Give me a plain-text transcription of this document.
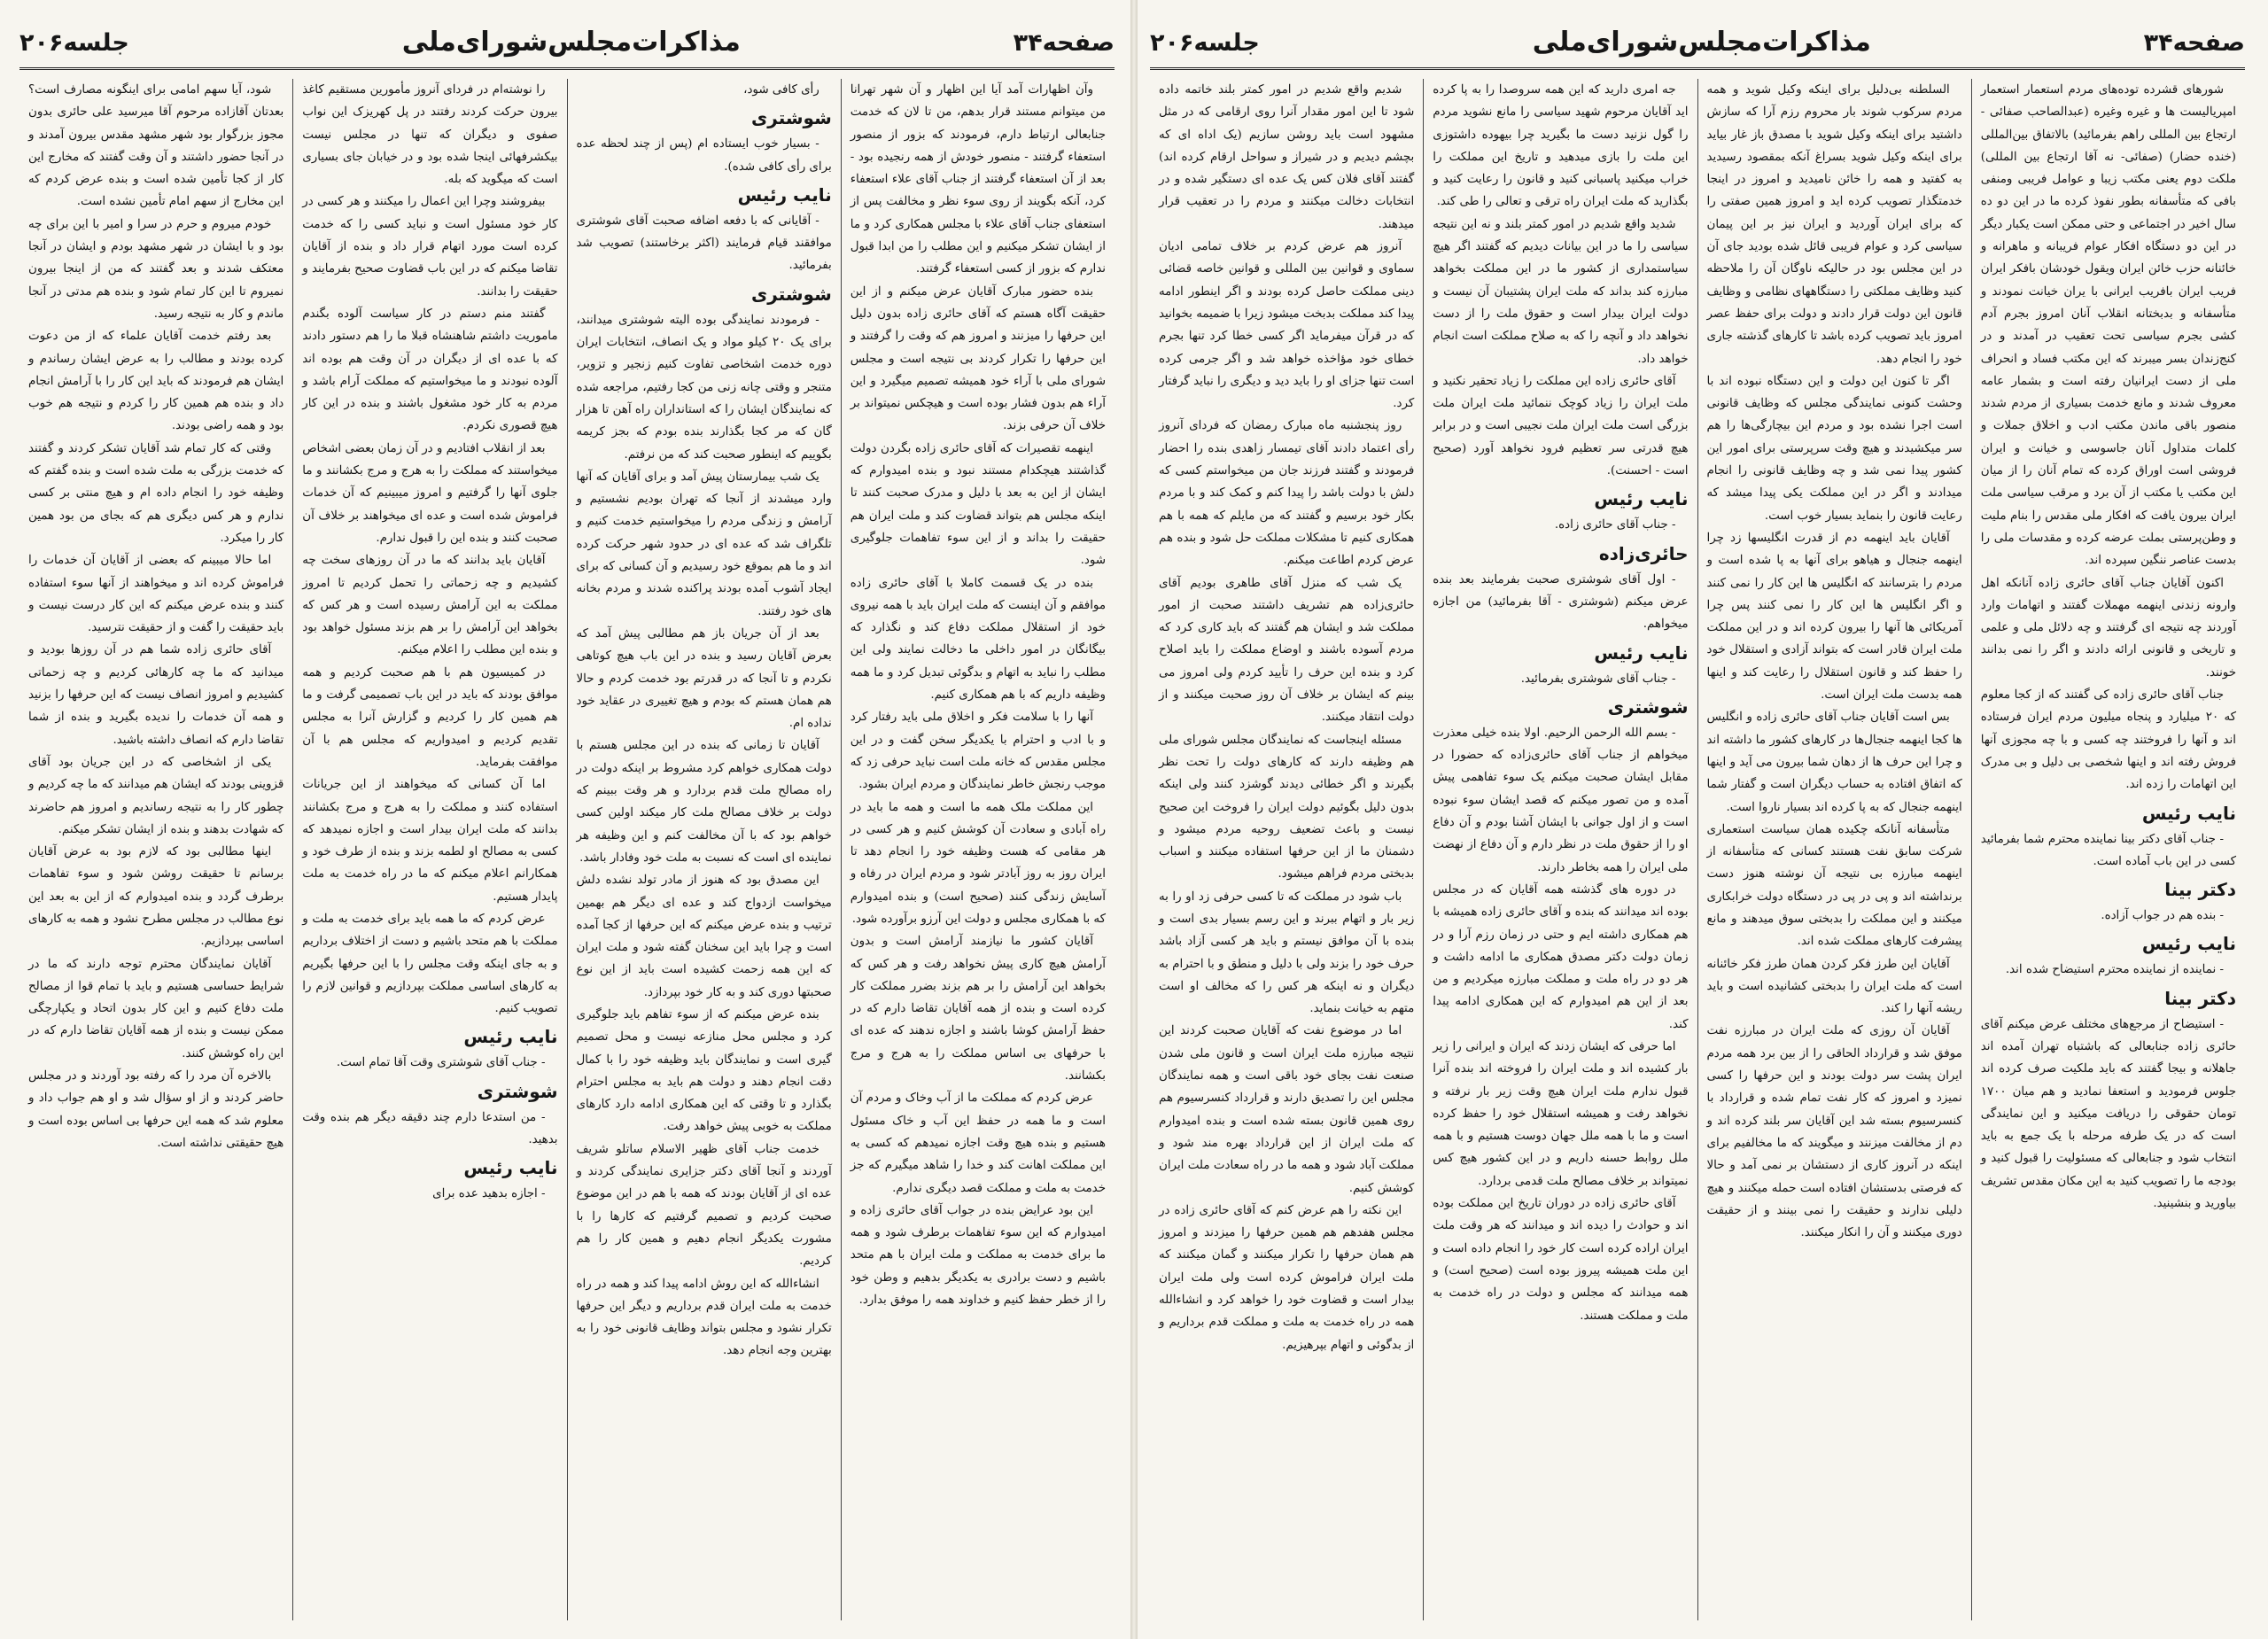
صفحه۳۴
مذاکرات‌مجلس‌شورای‌ملی
جلسه۲۰۶
وآن اظهارات آمد آیا این اظهار و آن شهر تهرانا من میتوانم مستند قرار بدهم، من تا لان که خدمت جنابعالی ارتباط دارم، فرمودند که بزور از منصور استعفاء گرفتند - منصور خودش از همه‌ رنجیده بود - بعد از آن استعفاء گرفتند از جناب آقای علاء استعفاء کرد، آنکه بگویند از روی سوء نظر و مخالفت پس از استعفای جناب آقای علاء با مجلس همکاری کرد و ما از ایشان تشکر میکنیم و این مطلب را من ابدا قبول ندارم که بزور از کسی استعفاء گرفتند.
بنده حضور مبارک آقایان عرض میکنم و از این حقیقت آگاه هستم که آقای حائری زاده بدون دلیل این حرفها را میزنند و امروز هم که وقت را گرفتند و این حرفها را تکرار کردند بی نتیجه است و مجلس شورای ملی با آراء خود همیشه تصمیم میگیرد و این آراء هم بدون فشار بوده است و هیچکس نمیتواند بر خلاف آن حرفی بزند.
اینهمه تقصیرات که آقای حائری زاده بگردن دولت گذاشتند هیچکدام مستند نبود و بنده امیدوارم که ایشان از این به بعد با دلیل و مدرک صحبت کنند تا اینکه مجلس هم بتواند قضاوت کند و ملت ایران هم حقیقت را بداند و از این سوء تفاهمات جلوگیری شود.
بنده در یک قسمت کاملا با آقای حائری زاده موافقم و آن اینست که ملت ایران باید با همه نیروی خود از استقلال مملکت دفاع کند و نگذارد که بیگانگان در امور داخلی ما دخالت نمایند ولی این مطلب را نباید به اتهام و بدگوئی تبدیل کرد و ما همه وظیفه داریم که با هم همکاری کنیم.
آنها را با سلامت فکر و اخلاق ملی باید رفتار کرد و با ادب و احترام با یکدیگر سخن گفت و در این مجلس مقدس که خانه ملت است نباید حرفی زد که موجب رنجش خاطر نمایندگان و مردم ایران بشود.
این مملکت ملک همه ما است و همه ما باید در راه آبادی و سعادت آن کوشش کنیم و هر کسی در هر مقامی که هست وظیفه خود را انجام دهد تا ایران روز به روز آبادتر شود و مردم ایران در رفاه و آسایش زندگی کنند (صحیح است) و بنده امیدوارم که با همکاری مجلس و دولت این آرزو برآورده شود.
آقایان کشور ما نیازمند آرامش است و بدون آرامش هیچ کاری پیش نخواهد رفت و هر کس که بخواهد این آرامش را بر هم بزند بضرر مملکت کار کرده است و بنده از همه آقایان تقاضا دارم که در حفظ آرامش کوشا باشند و اجازه ندهند که عده ای با حرفهای بی اساس مملکت را به هرج و مرج بکشانند.
عرض کردم که مملکت ما از آب وخاک و مردم آن است و ما همه در حفظ این آب و خاک مسئول هستیم و بنده هیچ وقت اجازه نمیدهم که کسی به این مملکت اهانت کند و خدا را شاهد میگیرم که جز خدمت به ملت و مملکت قصد دیگری ندارم.
این بود عرایض بنده در جواب آقای حائری زاده و امیدوارم که این سوء تفاهمات برطرف شود و همه ما برای خدمت به مملکت و ملت ایران با هم متحد باشیم و دست برادری به یکدیگر بدهیم و وطن خود را از خطر حفظ کنیم و خداوند همه را موفق بدارد.
رأی کافی شود،
شوشتری
- بسیار خوب ایستاده ام (پس از چند لحظه عده برای رأی کافی شده).
نایب رئیس
- آقایانی که با دفعه اضافه صحبت آقای شوشتری موافقند قیام فرمایند (اکثر برخاستند) تصویب شد بفرمائید.
شوشتری
- فرمودند نمایندگی بوده الیته شوشتری میدانند، برای یک ۲۰ کیلو مواد و یک انصاف، انتخابات ایران دوره خدمت اشخاصی تفاوت کنیم زنجیر و تزویر، متنجر و وقتی چانه زنی من کجا رفتیم، مراجعه شده که نمایندگان ایشان را که استانداران راه آهن تا هزار گان که مر کجا بگذارند بنده بودم که بجز کریمه بگوییم که اینطور صحبت کند که من نرفتم.
یک شب بیمارستان پیش آمد و برای آقایان که آنها وارد میشدند از آنجا که تهران بودیم نشستیم و آرامش و زندگی مردم را میخواستیم خدمت کنیم و تلگراف شد که عده ای در حدود شهر حرکت کرده اند و ما هم بموقع خود رسیدیم و آن کسانی که برای ایجاد آشوب آمده بودند پراکنده شدند و مردم بخانه های خود رفتند.
بعد از آن جریان باز هم مطالبی پیش آمد که بعرض آقایان رسید و بنده در این باب هیچ کوتاهی نکردم و تا آنجا که در قدرتم بود خدمت کردم و حالا هم همان هستم که بودم و هیچ تغییری در عقاید خود نداده ام.
آقایان تا زمانی که بنده در این مجلس هستم با دولت همکاری خواهم کرد مشروط بر اینکه دولت در راه مصالح ملت قدم بردارد و هر وقت ببینم که دولت بر خلاف مصالح ملت کار میکند اولین کسی خواهم بود که با آن مخالفت کنم و این وظیفه هر نماینده ای است که نسبت به ملت خود وفادار باشد.
این مصدق بود که هنوز از مادر تولد نشده دلش میخواست ازدواج کند و عده ای دیگر هم بهمین ترتیب و بنده عرض میکنم که این حرفها از کجا آمده است و چرا باید این سخنان گفته شود و ملت ایران که این همه زحمت کشیده است باید از این نوع صحبتها دوری کند و به کار خود بپردازد.
بنده عرض میکنم که از سوء تفاهم باید جلوگیری کرد و مجلس محل منازعه نیست و محل تصمیم گیری است و نمایندگان باید وظیفه خود را با کمال دقت انجام دهند و دولت هم باید به مجلس احترام بگذارد و تا وقتی که این همکاری ادامه دارد کارهای مملکت به خوبی پیش خواهد رفت.
خدمت جناب آقای ظهیر الاسلام ساتلو شریف آوردند و آنجا آقای دکتر جزایری نمایندگی کردند و عده ای از آقایان بودند که همه با هم در این موضوع صحبت کردیم و تصمیم گرفتیم که کارها را با مشورت یکدیگر انجام دهیم و همین کار را هم کردیم.
انشاءالله که این روش ادامه پیدا کند و همه در راه خدمت به ملت ایران قدم برداریم و دیگر این حرفها تکرار نشود و مجلس بتواند وظایف قانونی خود را به بهترین وجه انجام دهد.
را نوشته‌ام در فردای آنروز مأمورین مستقیم کاغذ بیرون حرکت کردند رفتند در پل کهریزک این نواب صفوی و دیگران که تنها در مجلس نیست بیکشرفهائی اینجا شده بود و در خیابان جای بسیاری است که میگوید که بله.
بیفروشند وچرا این اعمال را میکنند و هر کسی در کار خود مسئول است و نباید کسی را که خدمت کرده است مورد اتهام قرار داد و بنده از آقایان تقاضا میکنم که در این باب قضاوت صحیح بفرمایند و حقیقت را بدانند.
گفتند منم دستم در کار سیاست آلوده بگندم ماموریت داشتم شاهنشاه قبلا ما را هم دستور دادند که با عده ای از دیگران در آن وقت هم بوده اند آلوده نبودند و ما میخواستیم که مملکت آرام باشد و مردم به کار خود مشغول باشند و بنده در این کار هیچ قصوری نکردم.
بعد از انقلاب افتادیم و در آن زمان بعضی اشخاص میخواستند که مملکت را به هرج و مرج بکشانند و ما جلوی آنها را گرفتیم و امروز میبینیم که آن خدمات فراموش شده است و عده ای میخواهند بر خلاف آن صحبت کنند و بنده این را قبول ندارم.
آقایان باید بدانند که ما در آن روزهای سخت چه کشیدیم و چه زحماتی را تحمل کردیم تا امروز مملکت به این آرامش رسیده است و هر کس که بخواهد این آرامش را بر هم بزند مسئول خواهد بود و بنده این مطلب را اعلام میکنم.
در کمیسیون هم با هم صحبت کردیم و همه موافق بودند که باید در این باب تصمیمی گرفت و ما هم همین کار را کردیم و گزارش آنرا به مجلس تقدیم کردیم و امیدواریم که مجلس هم با آن موافقت بفرماید.
اما آن کسانی که میخواهند از این جریانات استفاده کنند و مملکت را به هرج و مرج بکشانند بدانند که ملت ایران بیدار است و اجازه نمیدهد که کسی به مصالح او لطمه بزند و بنده از طرف خود و همکارانم اعلام میکنم که ما در راه خدمت به ملت پایدار هستیم.
عرض کردم که ما همه باید برای خدمت به ملت و مملکت با هم متحد باشیم و دست از اختلاف برداریم و به جای اینکه وقت مجلس را با این حرفها بگیریم به کارهای اساسی مملکت بپردازیم و قوانین لازم را تصویب کنیم.
نایب رئیس
- جناب آقای شوشتری وقت آقا تمام است.
شوشتری
- من استدعا دارم چند دقیقه دیگر هم بنده وقت بدهید.
نایب رئیس
- اجازه بدهید عده برای
شود، آیا سهم امامی برای اینگونه مصارف است؟ بعدتان آقازاده مرحوم آقا میرسید علی حائری بدون مجوز بزرگوار بود شهر مشهد مقدس بیرون آمدند و در آنجا حضور داشتند و آن وقت گفتند که مخارج این کار از کجا تأمین شده است و بنده عرض کردم که این مخارج از سهم امام تأمین نشده است.
خودم میروم و حرم در سرا و امیر با این برای چه بود و با ایشان در شهر مشهد بودم و ایشان در آنجا معتکف شدند و بعد گفتند که من از اینجا بیرون نمیروم تا این کار تمام شود و بنده هم مدتی در آنجا ماندم و کار به نتیجه رسید.
بعد رفتم خدمت آقایان علماء که از من دعوت کرده بودند و مطالب را به عرض ایشان رساندم و ایشان هم فرمودند که باید این کار را با آرامش انجام داد و بنده هم همین کار را کردم و نتیجه هم خوب بود و همه راضی بودند.
وقتی که کار تمام شد آقایان تشکر کردند و گفتند که خدمت بزرگی به ملت شده است و بنده گفتم که وظیفه خود را انجام داده ام و هیچ منتی بر کسی ندارم و هر کس دیگری هم که بجای من بود همین کار را میکرد.
اما حالا میبینم که بعضی از آقایان آن خدمات را فراموش کرده اند و میخواهند از آنها سوء استفاده کنند و بنده عرض میکنم که این کار درست نیست و باید حقیقت را گفت و از حقیقت نترسید.
آقای حائری زاده شما هم در آن روزها بودید و میدانید که ما چه کارهائی کردیم و چه زحماتی کشیدیم و امروز انصاف نیست که این حرفها را بزنید و همه آن خدمات را ندیده بگیرید و بنده از شما تقاضا دارم که انصاف داشته باشید.
یکی از اشخاصی که در این جریان بود آقای قزوینی بودند که ایشان هم میدانند که ما چه کردیم و چطور کار را به نتیجه رساندیم و امروز هم حاضرند که شهادت بدهند و بنده از ایشان تشکر میکنم.
اینها مطالبی بود که لازم بود به عرض آقایان برسانم تا حقیقت روشن شود و سوء تفاهمات برطرف گردد و بنده امیدوارم که از این به بعد این نوع مطالب در مجلس مطرح نشود و همه به کارهای اساسی بپردازیم.
آقایان نمایندگان محترم توجه دارند که ما در شرایط حساسی هستیم و باید با تمام قوا از مصالح ملت دفاع کنیم و این کار بدون اتحاد و یکپارچگی ممکن نیست و بنده از همه آقایان تقاضا دارم که در این راه کوشش کنند.
بالاخره آن مرد را که رفته بود آوردند و در مجلس حاضر کردند و از او سؤال شد و او هم جواب داد و معلوم شد که همه این حرفها بی اساس بوده است و هیچ حقیقتی نداشته است.
صفحه۳۴
مذاکرات‌مجلس‌شورای‌ملی
جلسه۲۰۶
شورهای قشرده توده‌های مردم استعمار استعمار امپریالیست ها و غیره وغیره (عبدالصاحب صفائی - ارتجاع بین المللی راهم بفرمائید) بالاتفاق بین‌المللی (خنده حضار) (صفائی- نه آقا ارتجاع بین المللی) ملکت دوم یعنی مکتب زیبا و عوامل فریبی ومنفی بافی که متأسفانه بطور نفوذ کرده ما در این دو ده سال اخیر در اجتماعی و حتی ممکن است یکبار دیگر در این دو دستگاه افکار عوام فریبانه و ماهرانه و خائنانه حزب خائن ایران ویقول خودشان بافکر ایران فریب ایران بافریب ایرانی با یران خیانت نمودند و متأسفانه و بدبختانه انقلاب آنان امروز بجرم آدم کشی بجرم سیاسی تحت تعقیب در آمدند و در کنج‌زندان بسر میبرند که این مکتب فساد و انحراف ملی از دست ایرانیان رفته است و بشمار عامه معروف شدند و مانع خدمت بسیاری از مردم شدند منصور باقی ماندن مکتب ادب و اخلاق جملات و کلمات متداول آنان جاسوسی و خیانت و ایران فروشی است اوراق کرده که تمام آنان را از میان این مکتب یا مکتب از آن برد و مرقب سیاسی ملت ایران بیرون یافت که افکار ملی مقدس را بنام ملیت و وطن‌پرستی بملت عرضه کرده و مقدسات ملی را بدست عناصر ننگین سپرده اند.
اکنون آقایان جناب آقای حائری زاده آنانکه اهل وارونه زندنی اینهمه مهملات گفتند و اتهامات وارد آوردند چه نتیجه ای گرفتند و چه دلائل ملی و علمی و تاریخی و قانونی ارائه دادند و اگر را نمی بدانند خونند.
جناب آقای حائری زاده کی گفتند که از کجا معلوم که ۲۰ میلیارد و پنجاه میلیون مردم ایران فرستاده اند و آنها را فروختند چه کسی و با چه مجوزی آنها فروش رفته اند و اینها شخصی بی دلیل و بی مدرک این اتهامات را زده اند.
نایب رئیس
- جناب آقای دکتر بینا نماینده محترم شما بفرمائید کسی در این باب آماده است.
دکتر بینا
- بنده هم در جواب آزاده.
نایب رئیس
- نماینده از نماینده محترم استیضاح شده اند.
دکتر بینا
- استیضاح از مرجع‌های مختلف عرض میکنم آقای حائری زاده جنابعالی که باشتباه تهران آمده اند جاهلانه و بیجا گفتند که باید ملکیت صرف کرده اند جلوس فرمودید و استعفا نمادید و هم میان ۱۷۰۰ تومان حقوقی را دریافت میکنید و این نمایندگی است که در یک طرفه مرحله با یک جمع به باید انتخاب شود و جنابعالی که مسئولیت را قبول کنید و بودجه ما را تصویب کنید به این مکان مقدس تشریف بیاورید و بنشینید.
السلطنه بی‌دلیل برای اینکه وکیل شوید و همه مردم سرکوب شوند بار محروم رزم آرا که سازش داشتید برای اینکه وکیل شوید با مصدق باز غار بیاید برای اینکه وکیل شوید بسراغ آنکه بمقصود رسیدید به کفتید و همه را خائن نامیدید و امروز در اینجا خدمتگذار تصویب کرده اید و امروز همین صفتی را که برای ایران آوردید و ایران نیز بر این پیمان سیاسی کرد و عوام فریبی قائل شده بودید جای آن در این مجلس بود در حالیکه ناوگان آن را ملاحظه کنید وظایف مملکتی را دستگاههای نظامی و وظایف قانون این دولت قرار دادند و دولت برای حفظ عصر امروز باید تصویب کرده باشد تا کارهای گذشته جاری خود را انجام دهد.
اگر تا کنون این دولت و این دستگاه نبوده اند با وحشت کنونی نمایندگی مجلس که وظایف قانونی است اجرا نشده بود و مردم این بیچارگی‌ها را هم سر میکشیدند و هیچ وقت سرپرستی برای امور این کشور پیدا نمی شد و چه وظایف قانونی را انجام میدادند و اگر در این مملکت یکی پیدا میشد که رعایت قانون را بنماید بسیار خوب است.
آقایان باید اینهمه دم از قدرت انگلیسها زد چرا اینهمه جنجال و هیاهو برای آنها به پا شده است و مردم را بترسانند که انگلیس ها این کار را نمی کنند و اگر انگلیس ها این کار را نمی کنند پس چرا آمریکائی ها آنها را بیرون کرده اند و در این مملکت ملت ایران قادر است که بتواند آزادی و استقلال خود را حفظ کند و قانون استقلال را رعایت کند و اینها همه بدست ملت ایران است.
بس است آقایان جناب آقای حائری زاده و انگلیس ها کجا اینهمه جنجال‌ها در کارهای کشور ما داشته اند و چرا این حرف ها از دهان شما بیرون می آید و اینها که اتفاق افتاده به حساب دیگران است و گفتار شما اینهمه جنجال که به پا کرده اند بسیار ناروا است.
متأسفانه آنانکه چکیده همان سیاست استعماری شرکت سابق نفت هستند کسانی که متأسفانه از اینهمه مبارزه بی نتیجه آن نوشته هنوز دست برنداشته اند و پی در پی در دستگاه دولت خرابکاری میکنند و این مملکت را بدبختی سوق میدهند و مانع پیشرفت کارهای مملکت شده اند.
آقایان این طرز فکر کردن همان طرز فکر خائنانه است که ملت ایران را بدبختی کشانیده است و باید ریشه آنها را کند.
آقایان آن روزی که ملت ایران در مبارزه نفت موفق شد و قرارداد الحاقی را از بین برد همه مردم ایران پشت سر دولت بودند و این حرفها را کسی نمیزد و امروز که کار نفت تمام شده و قرارداد با کنسرسیوم بسته شد این آقایان سر بلند کرده اند و دم از مخالفت میزنند و میگویند که ما مخالفیم برای اینکه در آنروز کاری از دستشان بر نمی آمد و حالا که فرصتی بدستشان افتاده است حمله میکنند و هیچ دلیلی ندارند و حقیقت را نمی بینند و از حقیقت دوری میکنند و آن را انکار میکنند.
جه امری دارید که این همه سروصدا را به پا کرده اید آقایان مرحوم شهید سیاسی را مانع نشوید مردم را گول نزنید دست ما بگیرید چرا بیهوده داشتوزی این ملت را بازی میدهید و تاریخ این مملکت را خراب میکنید پاسبانی کنید و قانون را رعایت کنید و بگذارید که ملت ایران راه ترقی و تعالی را طی کند.
شدید واقع شدیم در امور کمتر بلند و نه این نتیجه سیاسی را ما در این بیانات دیدیم که گفتند اگر هیچ سیاستمداری از کشور ما در این مملکت بخواهد مبارزه کند بداند که ملت ایران پشتیبان آن نیست و دولت ایران بیدار است و حقوق ملت را از دست نخواهد داد و آنچه را که به صلاح مملکت است انجام خواهد داد.
آقای حائری زاده این مملکت را زیاد تحقیر نکنید و ملت ایران را زیاد کوچک ننمائید ملت ایران ملت بزرگی است ملت ایران ملت نجیبی است و در برابر هیچ قدرتی سر تعظیم فرود نخواهد آورد (صحیح است - احسنت).
نایب رئیس
- جناب آقای حائری زاده.
حائری‌زاده
- اول آقای شوشتری صحبت بفرمایند بعد بنده عرض میکنم (شوشتری - آقا بفرمائید) من اجازه میخواهم.
نایب رئیس
- جناب آقای شوشتری بفرمائید.
شوشتری
- بسم الله الرحمن الرحیم. اولا بنده خیلی معذرت میخواهم از جناب آقای حائری‌زاده که حضورا در مقابل ایشان صحبت میکنم یک سوء تفاهمی پیش آمده و من تصور میکنم که قصد ایشان سوء نبوده است و از اول جوانی با ایشان آشنا بودم و آن دفاع او را از حقوق ملت در نظر دارم و آن دفاع از نهضت ملی ایران را همه بخاطر دارند.
در دوره های گذشته همه آقایان که در مجلس بوده اند میدانند که بنده و آقای حائری زاده همیشه با هم همکاری داشته ایم و حتی در زمان رزم آرا و در زمان دولت دکتر مصدق همکاری ما ادامه داشت و هر دو در راه ملت و مملکت مبارزه میکردیم و من بعد از این هم امیدوارم که این همکاری ادامه پیدا کند.
اما حرفی که ایشان زدند که ایران و ایرانی را زیر بار کشیده اند و ملت ایران را فروخته اند بنده آنرا قبول ندارم ملت ایران هیچ وقت زیر بار نرفته و نخواهد رفت و همیشه استقلال خود را حفظ کرده است و ما با همه ملل جهان دوست هستیم و با همه ملل روابط حسنه داریم و در این کشور هیچ کس نمیتواند بر خلاف مصالح ملت قدمی بردارد.
آقای حائری زاده در دوران تاریخ این مملکت بوده اند و حوادث را دیده اند و میدانند که هر وقت ملت ایران اراده کرده است کار خود را انجام داده است و این ملت همیشه پیروز بوده است (صحیح است) و همه میدانند که مجلس و دولت در راه خدمت به ملت و مملکت هستند.
شدیم واقع شدیم در امور کمتر بلند خاتمه داده شود تا این امور مقدار آنرا روی ارقامی که در مثل مشهود است باید روشن سازیم (یک اداه ای که بچشم دیدیم و در شیراز و سواحل ارقام کرده اند) گفتند آقای فلان کس یک عده ای دستگیر شده و در انتخابات دخالت میکنند و مردم را در تعقیب قرار میدهند.
آنروز هم عرض کردم بر خلاف تمامی ادیان سماوی و قوانین بین المللی و قوانین خاصه قضائی دینی مملکت حاصل کرده بودند و اگر اینطور ادامه پیدا کند مملکت بدبخت میشود زیرا با ضمیمه بخوانید که در قرآن میفرماید اگر کسی خطا کرد تنها بجرم خطای خود مؤاخذه خواهد شد و اگر جرمی کرده است تنها جزای او را باید دید و دیگری را نباید گرفتار کرد.
روز پنجشنبه ماه مبارک رمضان که فردای آنروز رأی اعتماد دادند آقای تیمسار زاهدی بنده را احضار فرمودند و گفتند فرزند جان من میخواستم کسی که دلش با دولت باشد را پیدا کنم و کمک کند و با مردم بکار خود برسیم و گفتند که من مایلم که همه با هم همکاری کنیم تا مشکلات مملکت حل شود و بنده هم عرض کردم اطاعت میکنم.
یک شب که منزل آقای طاهری بودیم آقای حائری‌زاده هم تشریف داشتند صحبت از امور مملکت شد و ایشان هم گفتند که باید کاری کرد که مردم آسوده باشند و اوضاع مملکت را باید اصلاح کرد و بنده این حرف را تأیید کردم ولی امروز می بینم که ایشان بر خلاف آن روز صحبت میکنند و از دولت انتقاد میکنند.
مسئله اینجاست که نمایندگان مجلس شورای ملی هم وظیفه دارند که کارهای دولت را تحت نظر بگیرند و اگر خطائی دیدند گوشزد کنند ولی اینکه بدون دلیل بگوئیم دولت ایران را فروخت این صحیح نیست و باعث تضعیف روحیه مردم میشود و دشمنان ما از این حرفها استفاده میکنند و اسباب بدبختی مردم فراهم میشود.
باب شود در مملکت که تا کسی حرفی زد او را به زیر بار و اتهام ببرند و این رسم بسیار بدی است و بنده با آن موافق نیستم و باید هر کسی آزاد باشد حرف خود را بزند ولی با دلیل و منطق و با احترام به دیگران و نه اینکه هر کس را که مخالف او است متهم به خیانت بنماید.
اما در موضوع نفت که آقایان صحبت کردند این نتیجه مبارزه ملت ایران است و قانون ملی شدن صنعت نفت بجای خود باقی است و همه نمایندگان مجلس این را تصدیق دارند و قرارداد کنسرسیوم هم روی همین قانون بسته شده است و بنده امیدوارم که ملت ایران از این قرارداد بهره مند شود و مملکت آباد شود و همه ما در راه سعادت ملت ایران کوشش کنیم.
این نکته را هم عرض کنم که آقای حائری زاده در مجلس هفدهم هم همین حرفها را میزدند و امروز هم همان حرفها را تکرار میکنند و گمان میکنند که ملت ایران فراموش کرده است ولی ملت ایران بیدار است و قضاوت خود را خواهد کرد و انشاءالله همه در راه خدمت به ملت و مملکت قدم برداریم و از بدگوئی و اتهام بپرهیزیم.
